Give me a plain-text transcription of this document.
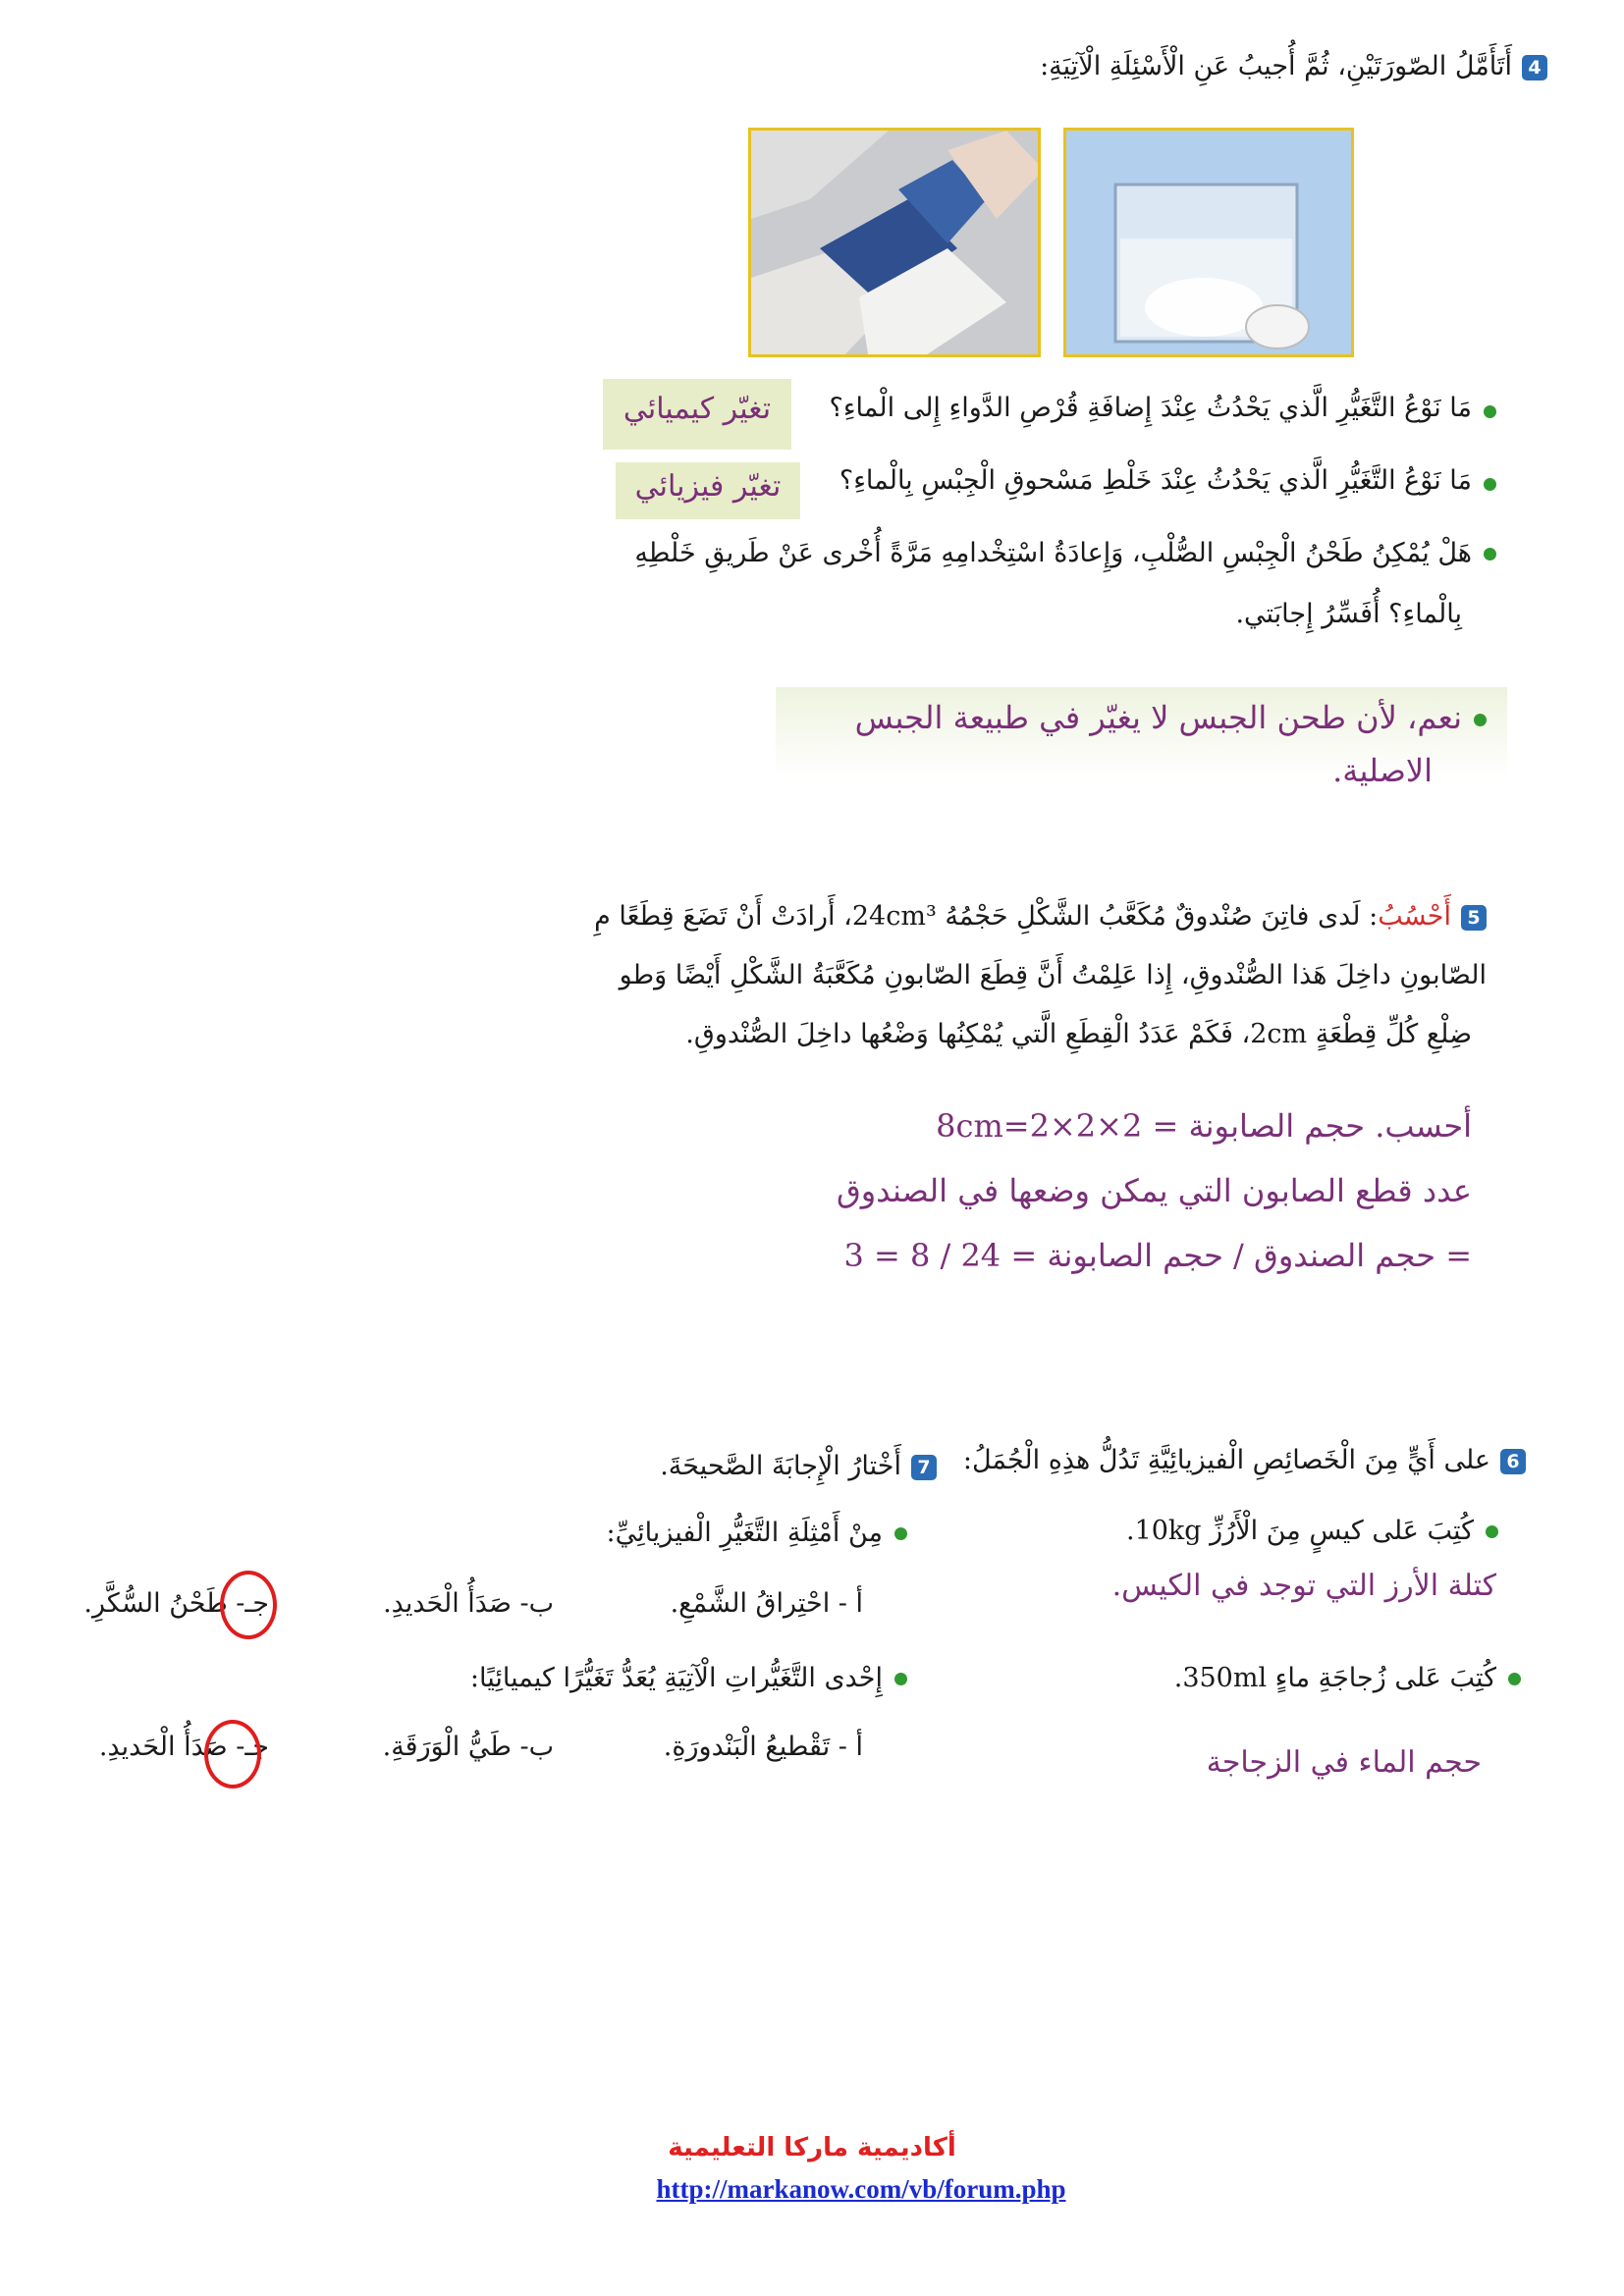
4أَتَأَمَّلُ الصّورَتَيْنِ، ثُمَّ أُجيبُ عَنِ الْأَسْئِلَةِ الْآتِيَةِ:
مَا نَوْعُ التَّغَيُّرِ الَّذي يَحْدُثُ عِنْدَ إِضافَةِ قُرْصِ الدَّواءِ إِلى الْماءِ؟
تغيّر كيميائي
مَا نَوْعُ التَّغَيُّرِ الَّذي يَحْدُثُ عِنْدَ خَلْطِ مَسْحوقِ الْجِبْسِ بِالْماءِ؟
تغيّر فيزيائي
هَلْ يُمْكِنُ طَحْنُ الْجِبْسِ الصُّلْبِ، وَإِعادَةُ اسْتِخْدامِهِ مَرَّةً أُخْرى عَنْ طَريقِ خَلْطِهِ
بِالْماءِ؟ أُفَسِّرُ إِجابَتي.
نعم، لأن طحن الجبس لا يغيّر في طبيعة الجبس
الاصلية.
5أَحْسُبُ: لَدى فاتِنَ صُنْدوقٌ مُكَعَّبُ الشَّكْلِ حَجْمُهُ 24cm³، أَرادَتْ أَنْ تَضَعَ قِطَعًا مِ
الصّابونِ داخِلَ هَذا الصُّنْدوقِ، إِذا عَلِمْتُ أَنَّ قِطَعَ الصّابونِ مُكَعَّبَةُ الشَّكْلِ أَيْضًا وَطو
ضِلْعِ كُلِّ قِطْعَةٍ 2cm، فَكَمْ عَدَدُ الْقِطَعِ الَّتي يُمْكِنُها وَضْعُها داخِلَ الصُّنْدوقِ.
أحسب. حجم الصابونة = 2×2×2=8cm
عدد قطع الصابون التي يمكن وضعها في الصندوق
= حجم الصندوق / حجم الصابونة = 24 / 8 = 3
6على أَيٍّ مِنَ الْخَصائِصِ الْفيزيائِيَّةِ تَدُلُّ هذِهِ الْجُمَلُ:
كُتِبَ عَلى كيسٍ مِنَ الْأَرُزِّ 10kg.
كتلة الأرز التي توجد في الكيس.
كُتِبَ عَلى زُجاجَةِ ماءٍ 350ml.
حجم الماء في الزجاجة
7أَخْتارُ الْإِجابَةَ الصَّحيحَةَ.
مِنْ أَمْثِلَةِ التَّغَيُّرِ الْفيزيائِيِّ:
أ - احْتِراقُ الشَّمْعِ.
ب- صَدَأُ الْحَديدِ.
جـ- طَحْنُ السُّكَّرِ.
إِحْدى التَّغَيُّراتِ الْآتِيَةِ يُعَدُّ تَغَيُّرًا كيميائِيًا:
أ - تَقْطيعُ الْبَنْدورَةِ.
ب- طَيُّ الْوَرَقَةِ.
جـ- صَدَأُ الْحَديدِ.
أكاديمية ماركا التعليمية
http://markanow.com/vb/forum.php
